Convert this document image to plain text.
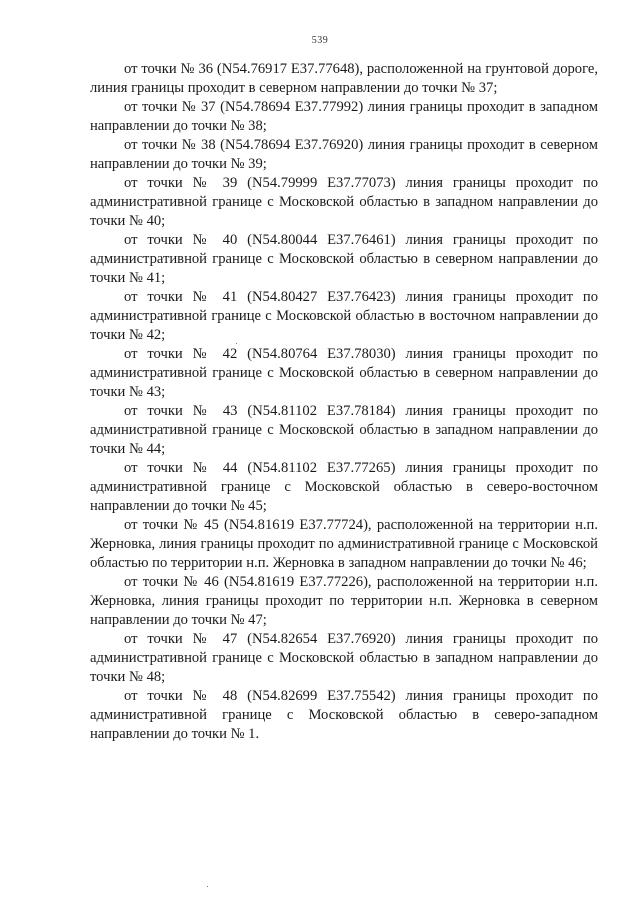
539

от точки № 36 (N54.76917 E37.77648), расположенной на грунтовой дороге, линия границы проходит в северном направлении до точки № 37;

от точки № 37 (N54.78694 E37.77992) линия границы проходит в западном направлении до точки № 38;

от точки № 38 (N54.78694 E37.76920) линия границы проходит в северном направлении до точки № 39;

от точки № 39 (N54.79999 E37.77073) линия границы проходит по административной границе с Московской областью в западном направлении до точки № 40;

от точки № 40 (N54.80044 E37.76461) линия границы проходит по административной границе с Московской областью в северном направлении до точки № 41;

от точки № 41 (N54.80427 E37.76423) линия границы проходит по административной границе с Московской областью в восточном направлении до точки № 42;

от точки № 42 (N54.80764 E37.78030) линия границы проходит по административной границе с Московской областью в северном направлении до точки № 43;

от точки № 43 (N54.81102 E37.78184) линия границы проходит по административной границе с Московской областью в западном направлении до точки № 44;

от точки № 44 (N54.81102 E37.77265) линия границы проходит по административной границе с Московской областью в северо-восточном направлении до точки № 45;

от точки № 45 (N54.81619 E37.77724), расположенной на территории н.п. Жерновка, линия границы проходит по административной границе с Московской областью по территории н.п. Жерновка в западном направлении до точки № 46;

от точки № 46 (N54.81619 E37.77226), расположенной на территории н.п. Жерновка, линия границы проходит по территории н.п. Жерновка в северном направлении до точки № 47;

от точки № 47 (N54.82654 E37.76920) линия границы проходит по административной границе с Московской областью в западном направлении до точки № 48;

от точки № 48 (N54.82699 E37.75542) линия границы проходит по административной границе с Московской областью в северо-западном направлении до точки № 1.
